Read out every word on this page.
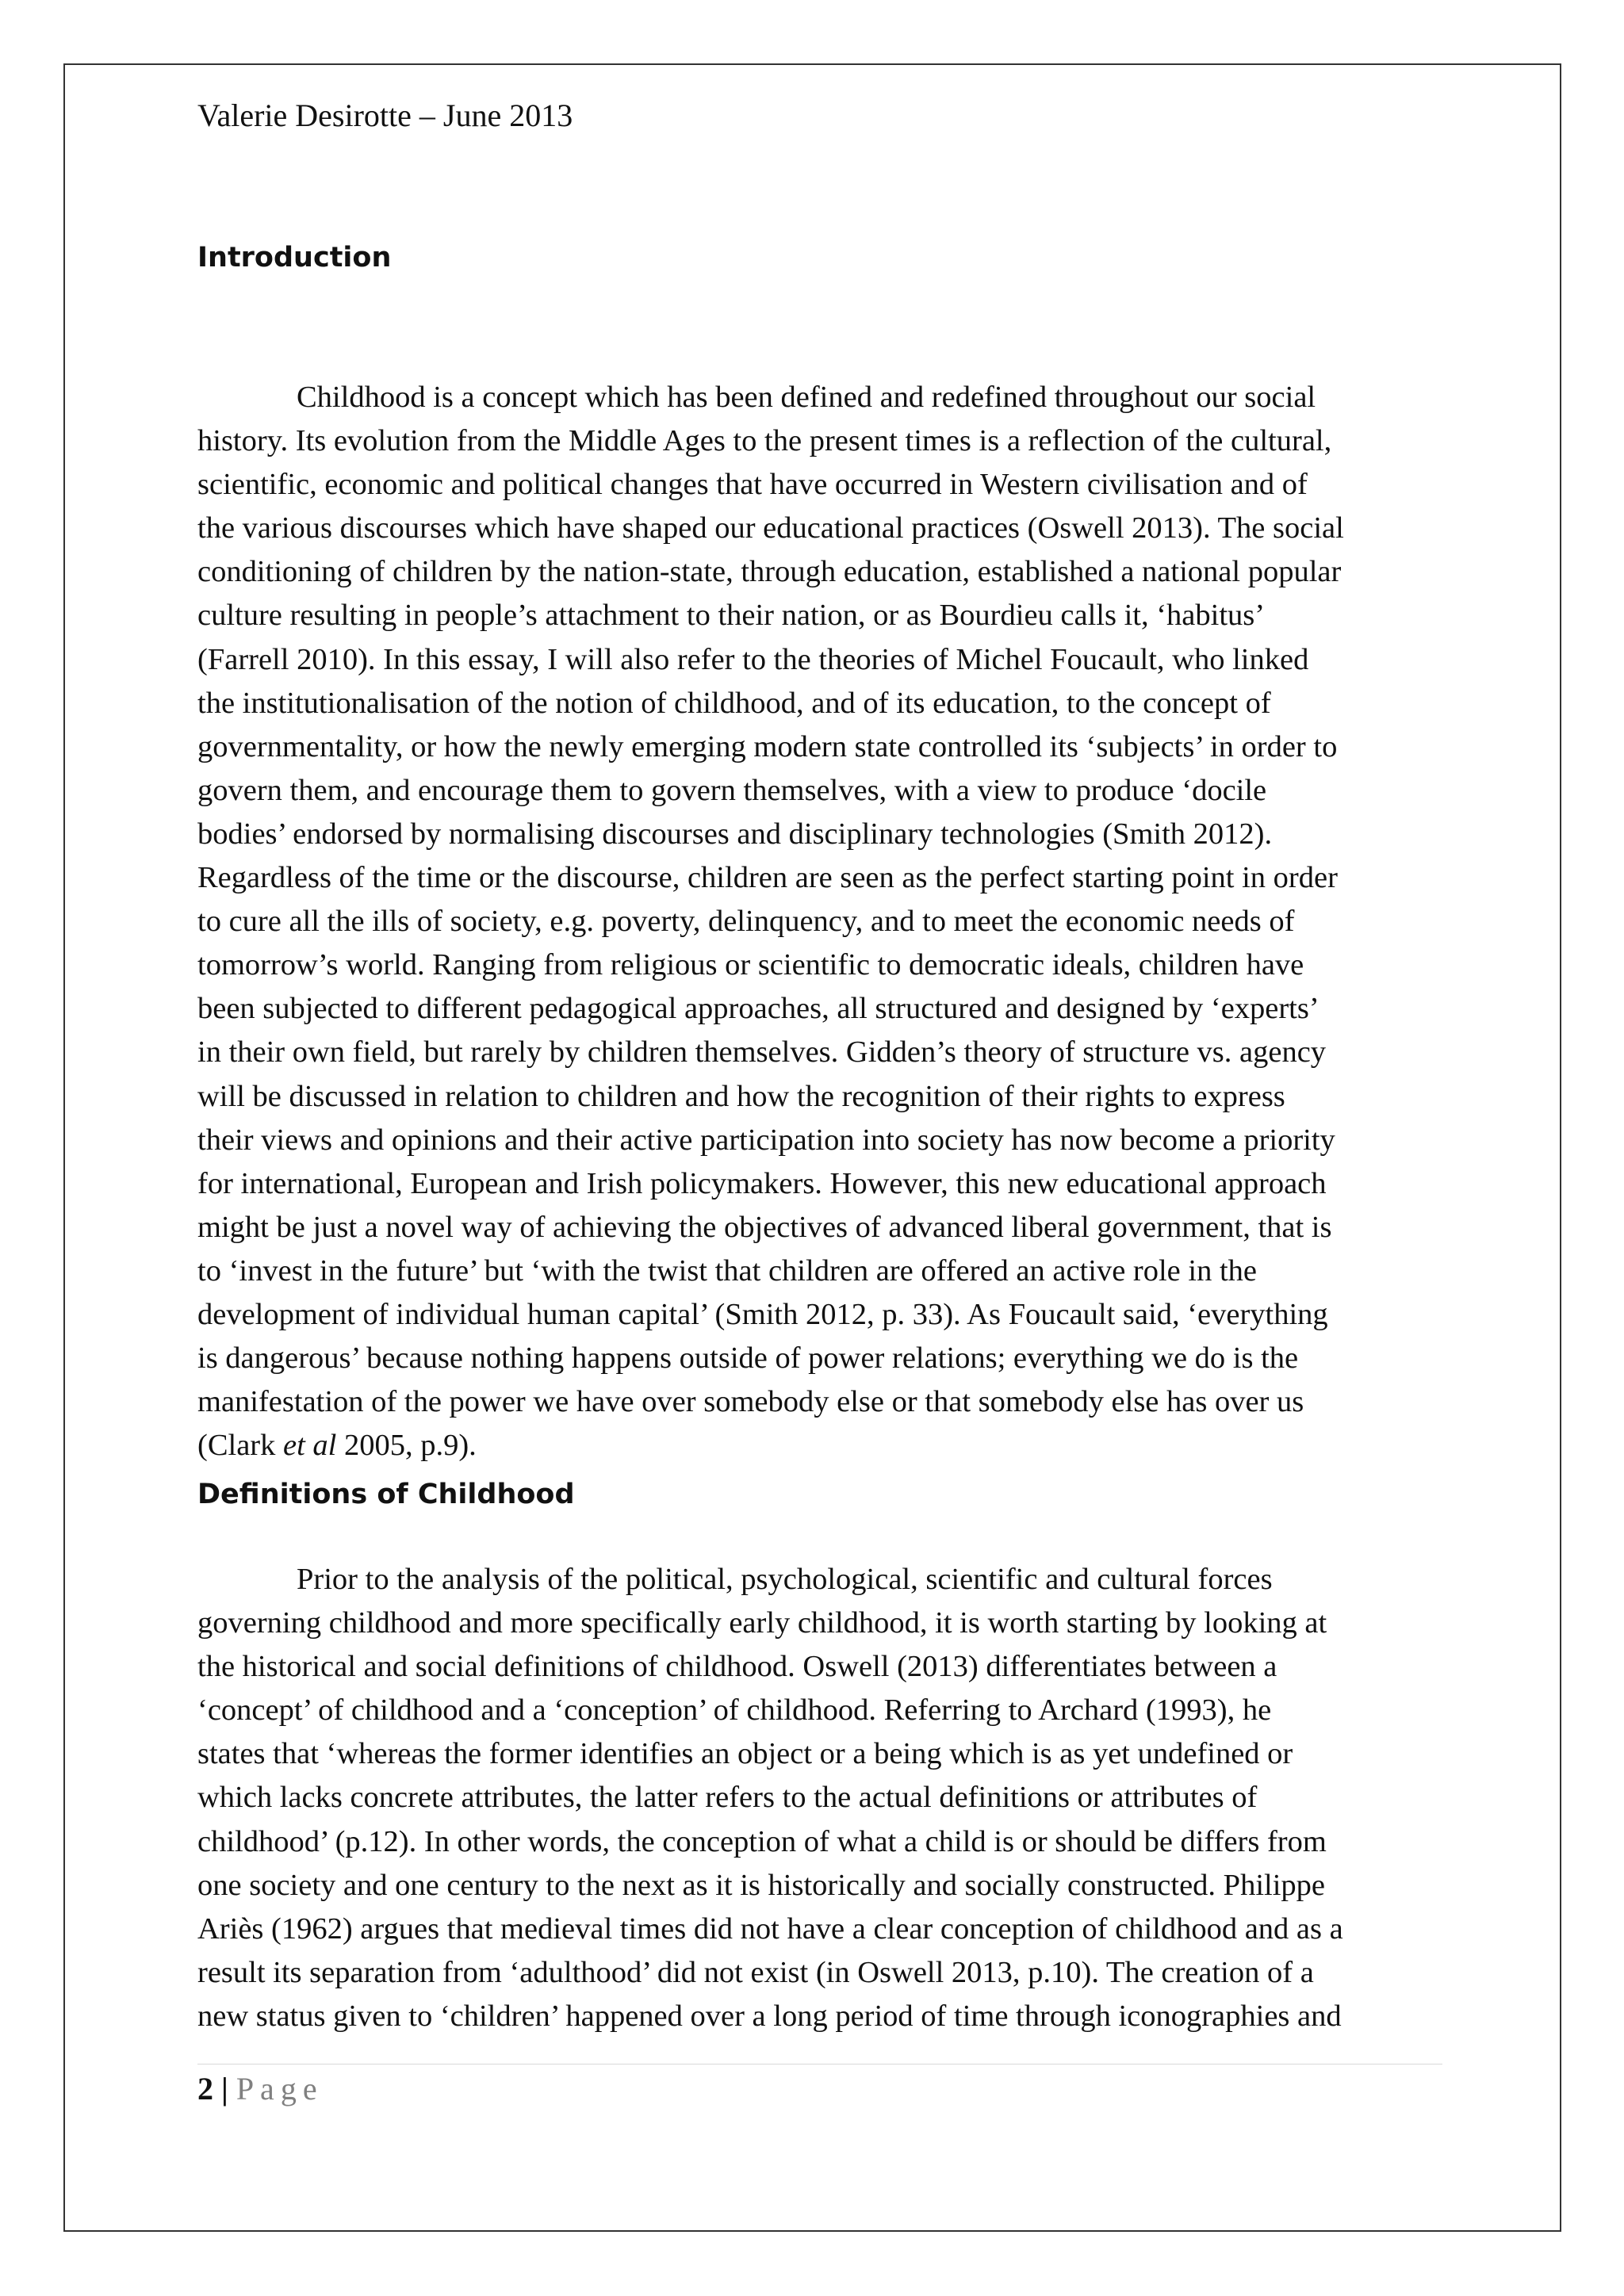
Valerie Desirotte – June 2013
Introduction
Childhood is a concept which has been defined and redefined throughout our social
history. Its evolution from the Middle Ages to the present times is a reflection of the cultural,
scientific, economic and political changes that have occurred in Western civilisation and of
the various discourses which have shaped our educational practices (Oswell 2013). The social
conditioning of children by the nation-state, through education, established a national popular
culture resulting in people’s attachment to their nation, or as Bourdieu calls it, ‘habitus’
(Farrell 2010). In this essay, I will also refer to the theories of Michel Foucault, who linked
the institutionalisation of the notion of childhood, and of its education, to the concept of
governmentality, or how the newly emerging modern state controlled its ‘subjects’ in order to
govern them, and encourage them to govern themselves, with a view to produce ‘docile
bodies’ endorsed by normalising discourses and disciplinary technologies (Smith 2012).
Regardless of the time or the discourse, children are seen as the perfect starting point in order
to cure all the ills of society, e.g. poverty, delinquency, and to meet the economic needs of
tomorrow’s world. Ranging from religious or scientific to democratic ideals, children have
been subjected to different pedagogical approaches, all structured and designed by ‘experts’
in their own field, but rarely by children themselves. Gidden’s theory of structure vs. agency
will be discussed in relation to children and how the recognition of their rights to express
their views and opinions and their active participation into society has now become a priority
for international, European and Irish policymakers. However, this new educational approach
might be just a novel way of achieving the objectives of advanced liberal government, that is
to ‘invest in the future’ but ‘with the twist that children are offered an active role in the
development of individual human capital’ (Smith 2012, p. 33). As Foucault said, ‘everything
is dangerous’ because nothing happens outside of power relations; everything we do is the
manifestation of the power we have over somebody else or that somebody else has over us
(Clark et al 2005, p.9).
Definitions of Childhood
Prior to the analysis of the political, psychological, scientific and cultural forces
governing childhood and more specifically early childhood, it is worth starting by looking at
the historical and social definitions of childhood. Oswell (2013) differentiates between a
‘concept’ of childhood and a ‘conception’ of childhood. Referring to Archard (1993), he
states that ‘whereas the former identifies an object or a being which is as yet undefined or
which lacks concrete attributes, the latter refers to the actual definitions or attributes of
childhood’ (p.12). In other words, the conception of what a child is or should be differs from
one society and one century to the next as it is historically and socially constructed. Philippe
Ariès (1962) argues that medieval times did not have a clear conception of childhood and as a
result its separation from ‘adulthood’ did not exist (in Oswell 2013, p.10). The creation of a
new status given to ‘children’ happened over a long period of time through iconographies and
2 | Page
